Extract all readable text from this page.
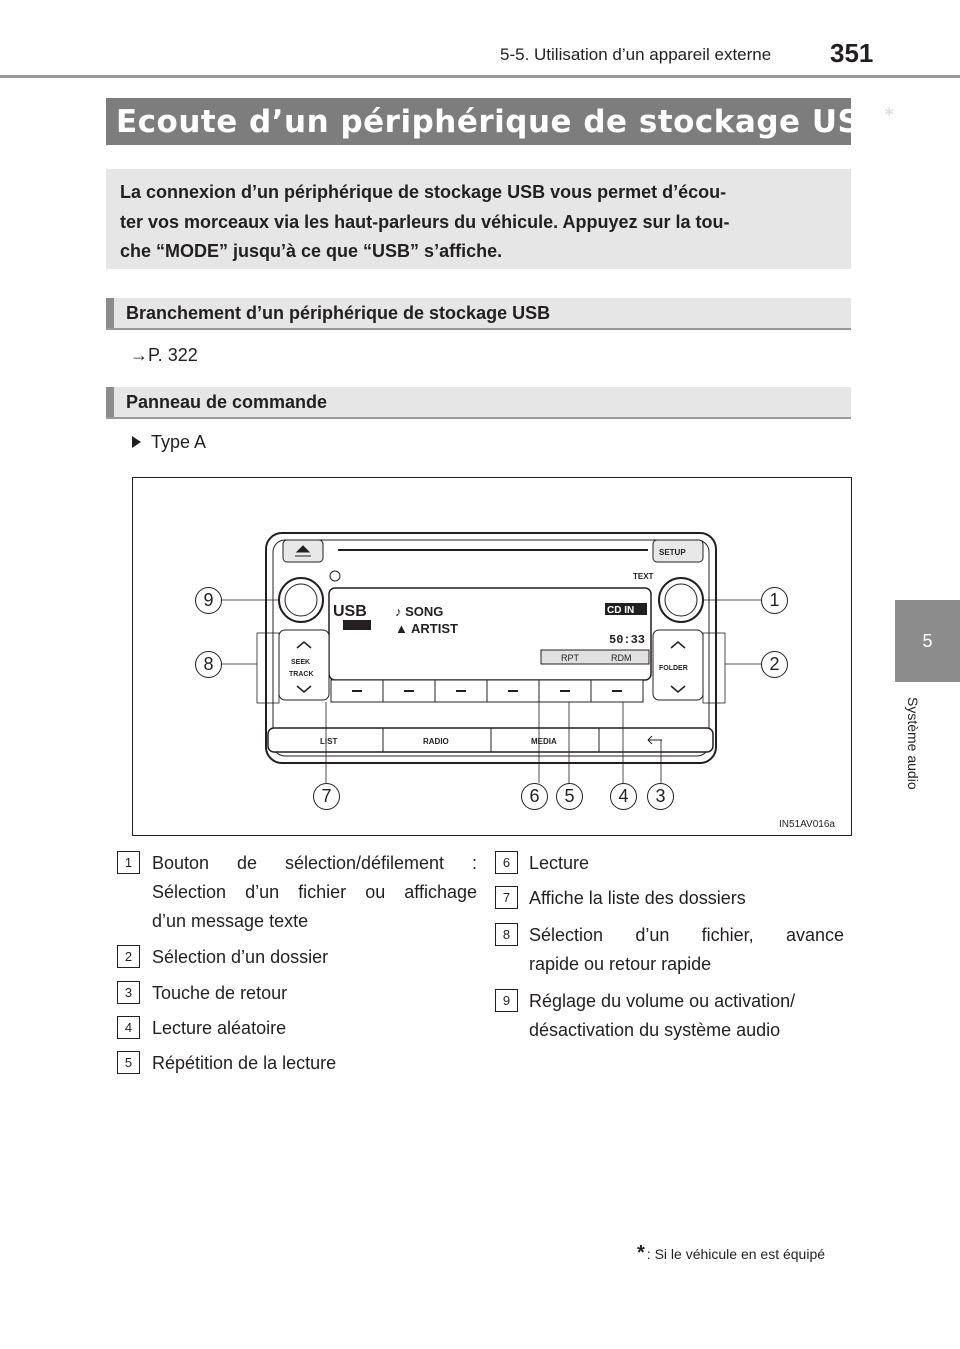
5-5. Utilisation d’un appareil externe 351
5
Système audio
Ecoute d’un périphérique de stockage USB*
La connexion d’un périphérique de stockage USB vous permet d’écou-
ter vos morceaux via les haut-parleurs du véhicule. Appuyez sur la tou-
che “MODE” jusqu’à ce que “USB” s’affiche.
Branchement d’un périphérique de stockage USB
→P. 322
Panneau de commande
Type A
USB ♪ SONG
▲ ARTIST
CD IN
50:33
RPT	RDM
SETUP
TEXT
SEEK
TRACK
FOLDER
LIST	RADIO	MEDIA
9	1
8	2
7	6	5	4	3
IN51AV016a
1	Bouton de sélection/défilement :
Sélection d’un fichier ou affichage
d’un message texte
2	Sélection d’un dossier
3	Touche de retour
4	Lecture aléatoire
5	Répétition de la lecture
6	Lecture
7	Affiche la liste des dossiers
8	Sélection d’un fichier, avance
rapide ou retour rapide
9	Réglage du volume ou activation/
désactivation du système audio
* : Si le véhicule en est équipé
